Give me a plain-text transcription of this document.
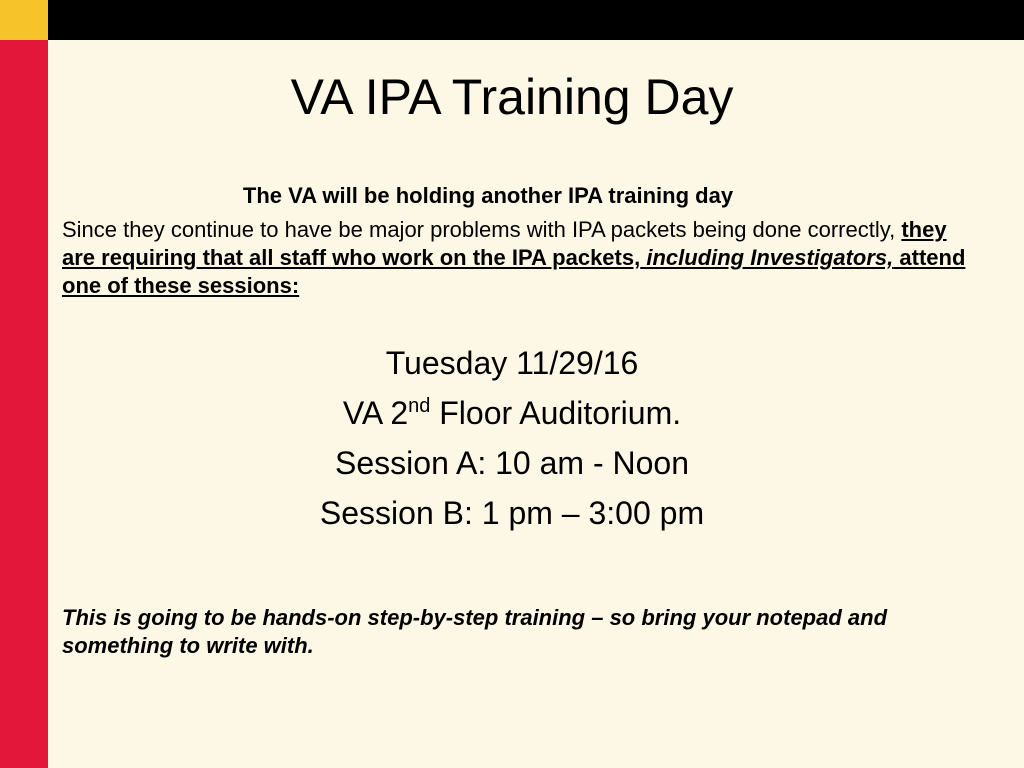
VA IPA Training Day
The VA will be holding another IPA training day
Since they continue to have be major problems with IPA packets being done correctly, they are requiring that all staff who work on the IPA packets, including Investigators, attend one of these sessions:
Tuesday 11/29/16
VA 2nd Floor Auditorium.
Session A: 10 am - Noon
Session B: 1 pm – 3:00 pm
This is going to be hands-on step-by-step training – so bring your notepad and something to write with.
